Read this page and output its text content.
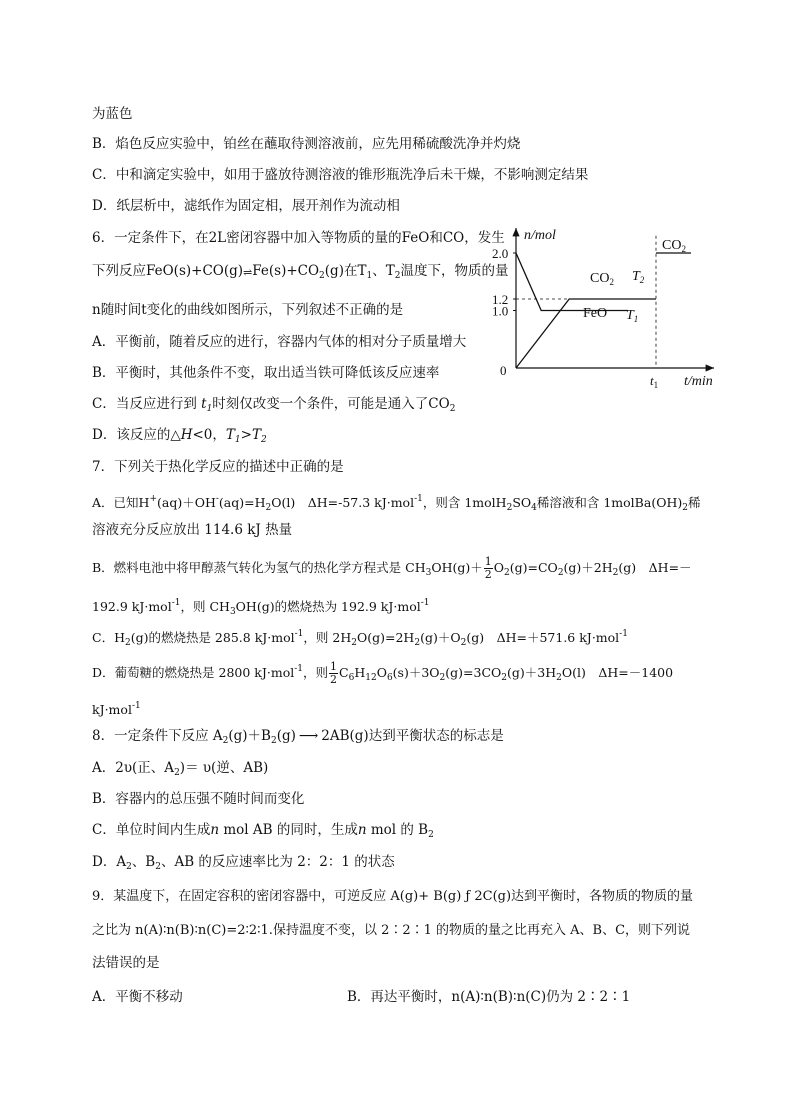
为蓝色
B．焰色反应实验中，铂丝在蘸取待测溶液前，应先用稀硫酸洗净并灼烧
C．中和滴定实验中，如用于盛放待测溶液的锥形瓶洗净后未干燥，不影响测定结果
D．纸层析中，滤纸作为固定相，展开剂作为流动相
6．一定条件下，在2L密闭容器中加入等物质的量的FeO和CO，发生
下列反应$FeO(s)+CO(g)\rightleftharpoons Fe(s)+CO_2(g)$在$T_1$、$T_2$温度下，物质的量
n随时间t变化的曲线如图所示，下列叙述不正确的是
A．平衡前，随着反应的进行，容器内气体的相对分子质量增大
B．平衡时，其他条件不变，取出适当铁可降低该反应速率
C．当反应进行到 $t_1$时刻仅改变一个条件，可能是通入了$CO_2$
D．该反应的△H<0，$T_1>T_2$
7．下列关于热化学反应的描述中正确的是
A．已知$H^+(aq)+OH^-(aq)=H_2O(l)$　ΔH=-57.3 kJ·mol$^{-1}$，则含 $1molH_2SO_4$稀溶液和含 $1molBa(OH)_2$稀
溶液充分反应放出 114.6 kJ 热量
B．燃料电池中将甲醇蒸气转化为氢气的热化学方程式是 $CH_3OH(g)+ \frac{1}{2} O_2(g)=CO_2(g)+2H_2(g)$　ΔH=－
192.9 kJ·mol$^{-1}$，则 $CH_3OH(g)$的燃烧热为 192.9 kJ·mol$^{-1}$
C．$H_2(g)$的燃烧热是 285.8 kJ·mol$^{-1}$，则 $2H_2O(g)=2H_2(g)+O_2(g)$　ΔH=＋571.6 kJ·mol$^{-1}$
D．葡萄糖的燃烧热是 2800 kJ·mol$^{-1}$，则 $\frac{1}{2} C_6H_{12}O_6(s)+3O_2(g)=3CO_2(g)+3H_2O(l)$　ΔH=－1400
kJ·mol$^{-1}$
8．一定条件下反应 $A_2(g)+B_2(g)$ ⟶ 2AB(g)达到平衡状态的标志是
A．2υ(正、$A_2)= \upsilon$(逆、AB)
B．容器内的总压强不随时间而变化
C．单位时间内生成n mol AB 的同时，生成n mol 的 $B_2$
D．$A_2$、$B_2$、AB 的反应速率比为 2：2：1 的状态
9．某温度下，在固定容积的密闭容器中，可逆反应 A(g)+ B(g) ƒ 2C(g)达到平衡时，各物质的物质的量
之比为 n(A)∶n(B)∶n(C)=2∶2∶1.保持温度不变，以 2∶2∶1 的物质的量之比再充入 A、B、C，则下列说
法错误的是
A．平衡不移动	B．再达平衡时，n(A)∶n(B)∶n(C)仍为 2∶2∶1
n/mol
t/min
0
2.0
1.2
1.0
$t_1$
$CO_2$ $T_2$
FeO $T_1$
$CO_2$
